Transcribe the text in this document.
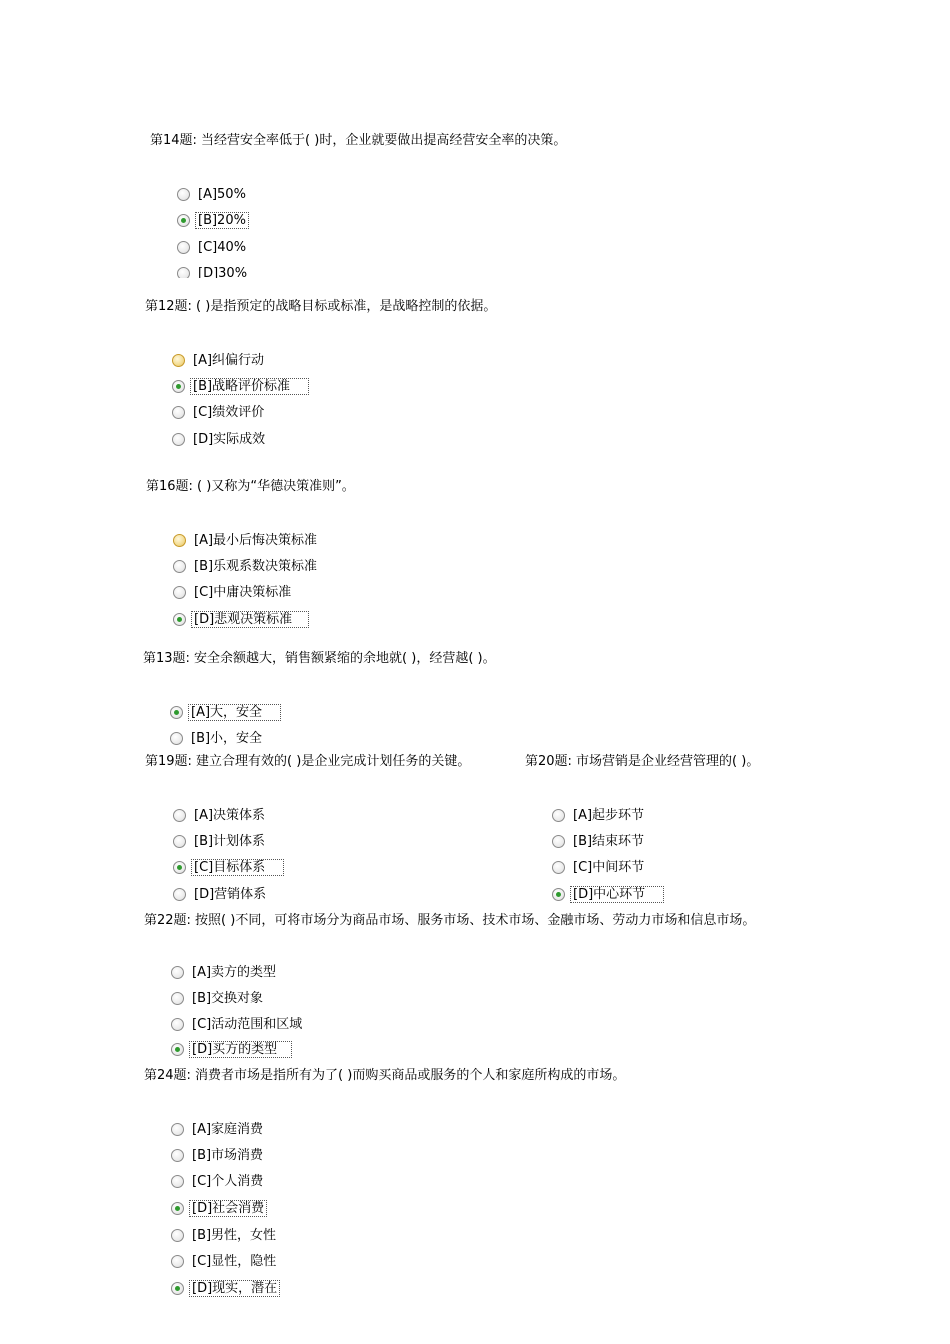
第14题: 当经营安全率低于( )时，企业就要做出提高经营安全率的决策。
[A]50%
[B]20%
[C]40%
[D]30%
第12题: ( )是指预定的战略目标或标准，是战略控制的依据。
[A]纠偏行动
[B]战略评价标准
[C]绩效评价
[D]实际成效
第16题: ( )又称为“华德决策准则”。
[A]最小后悔决策标准
[B]乐观系数决策标准
[C]中庸决策标准
[D]悲观决策标准
第13题: 安全余额越大，销售额紧缩的余地就( )，经营越( )。
[A]大，安全
[B]小，安全
第19题: 建立合理有效的( )是企业完成计划任务的关键。	第20题: 市场营销是企业经营管理的( )。
[A]决策体系
[B]计划体系
[C]目标体系
[D]营销体系
[A]起步环节
[B]结束环节
[C]中间环节
[D]中心环节
第22题: 按照( )不同，可将市场分为商品市场、服务市场、技术市场、金融市场、劳动力市场和信息市场。
[A]卖方的类型
[B]交换对象
[C]活动范围和区域
[D]买方的类型
第24题: 消费者市场是指所有为了( )而购买商品或服务的个人和家庭所构成的市场。
[A]家庭消费
[B]市场消费
[C]个人消费
[D]社会消费
[B]男性，女性
[C]显性，隐性
[D]现实，潜在
